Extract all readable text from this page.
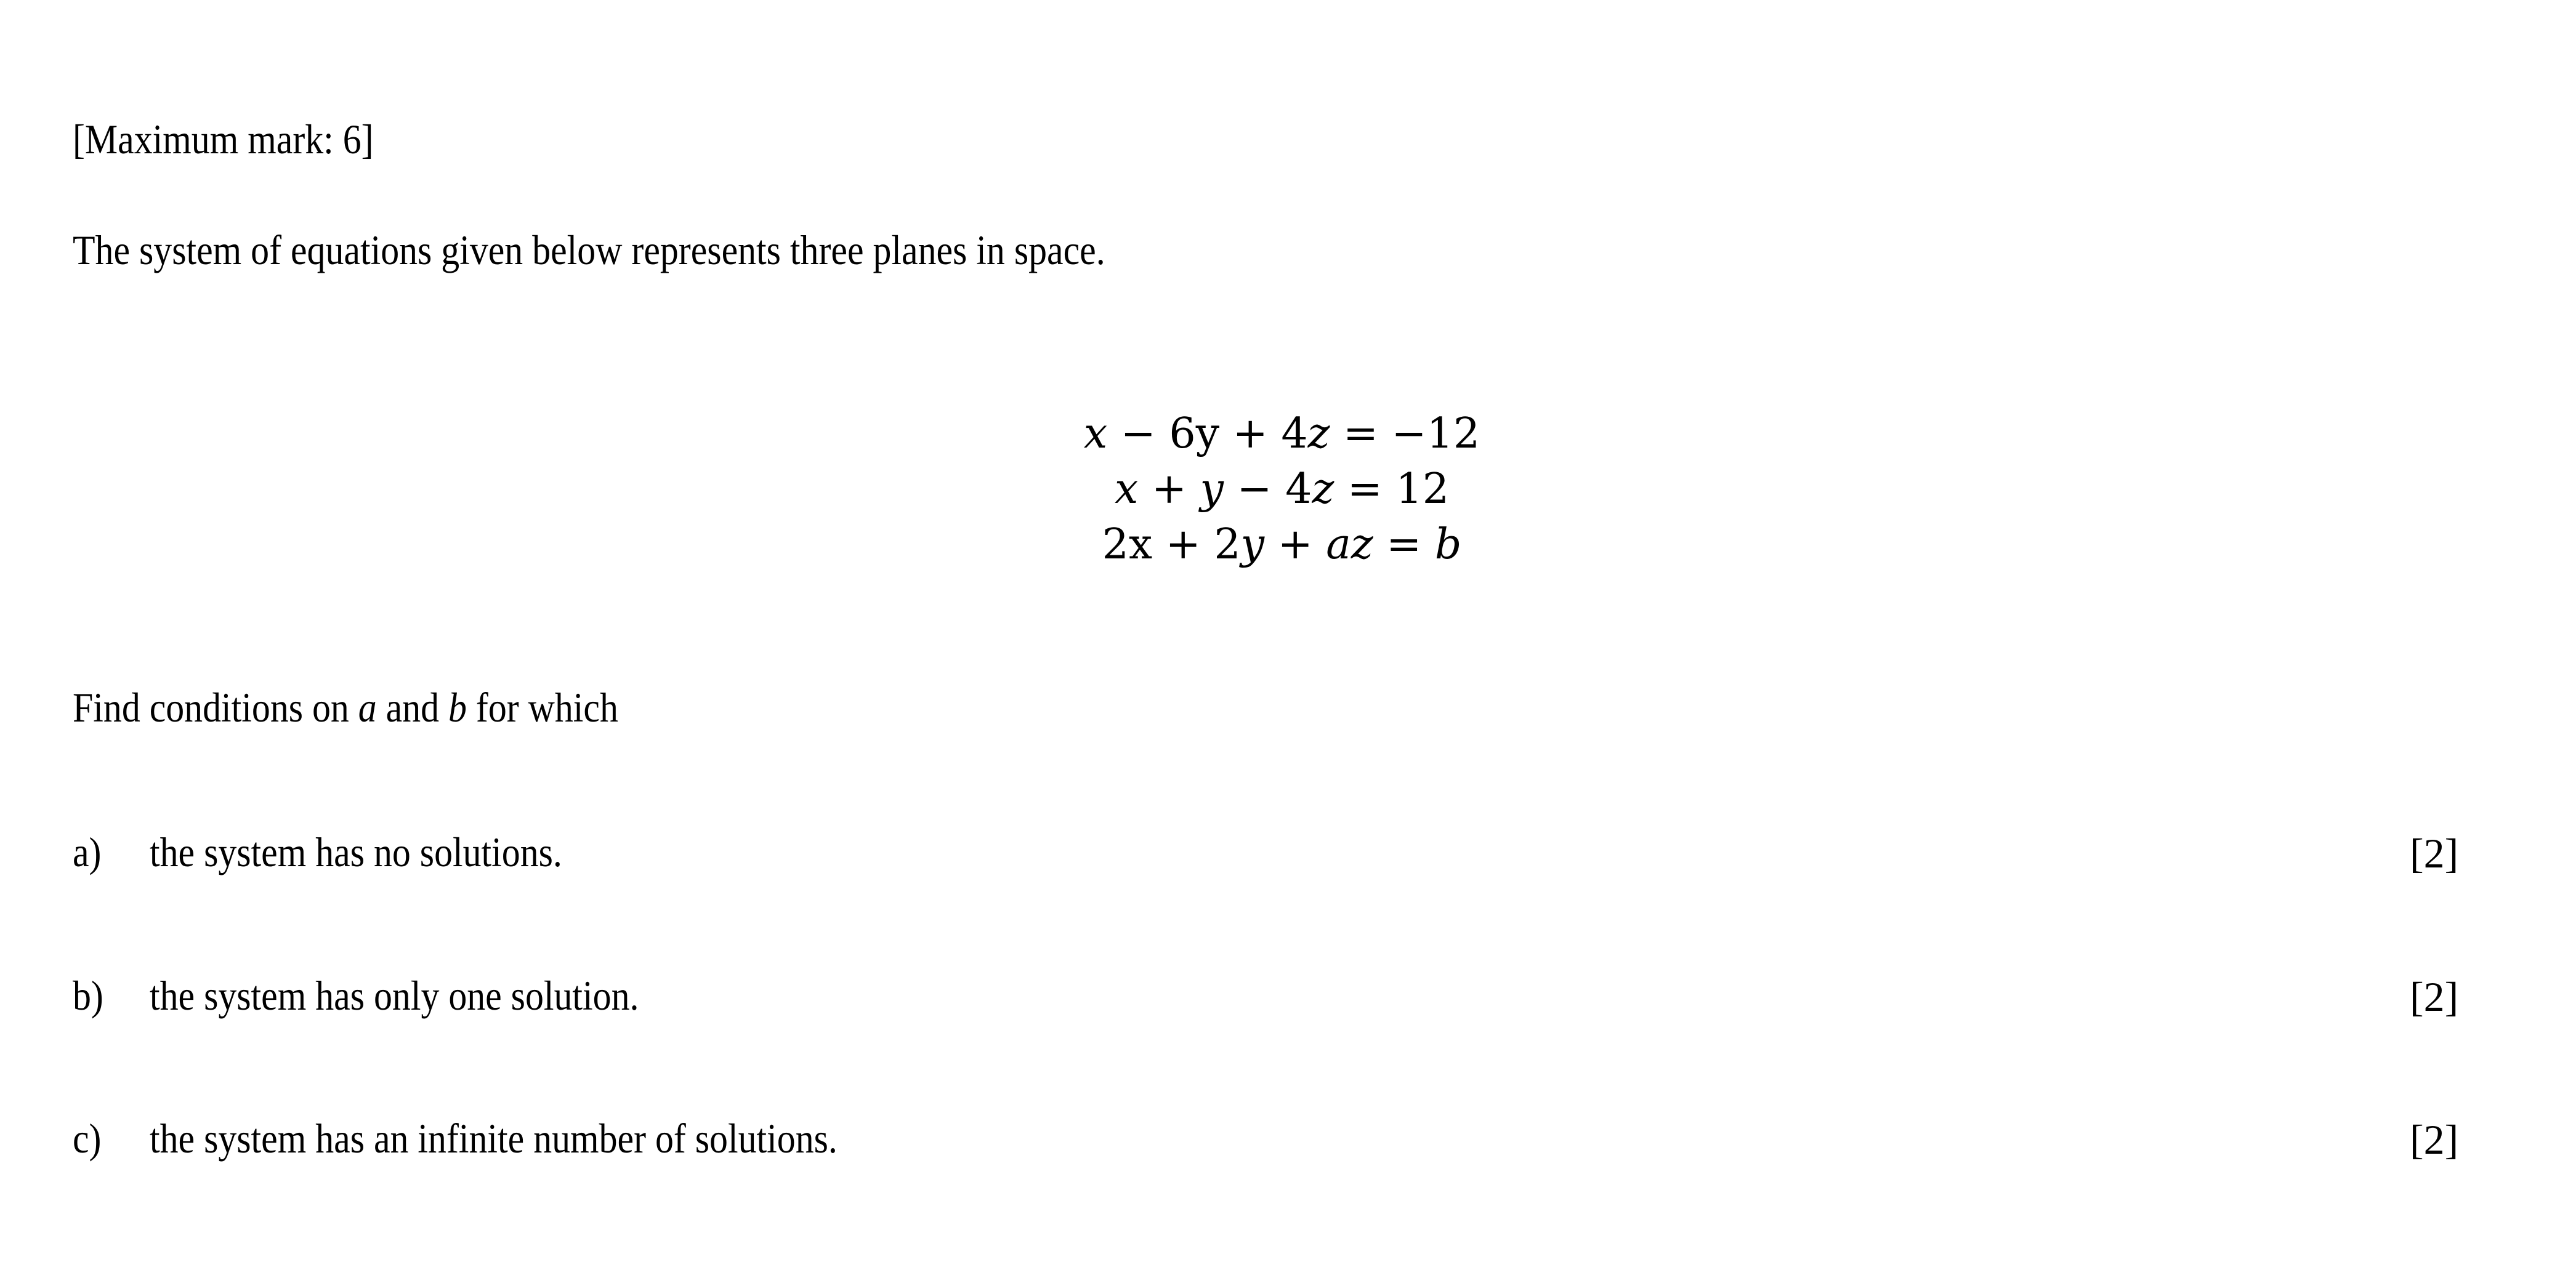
[Maximum mark: 6]
The system of equations given below represents three planes in space.
x − 6y + 4z = −12
x + y − 4z = 12
2x + 2y + az = b
Find conditions on a and b for which
a) the system has no solutions.	[2]
b) the system has only one solution.	[2]
c) the system has an infinite number of solutions.	[2]
